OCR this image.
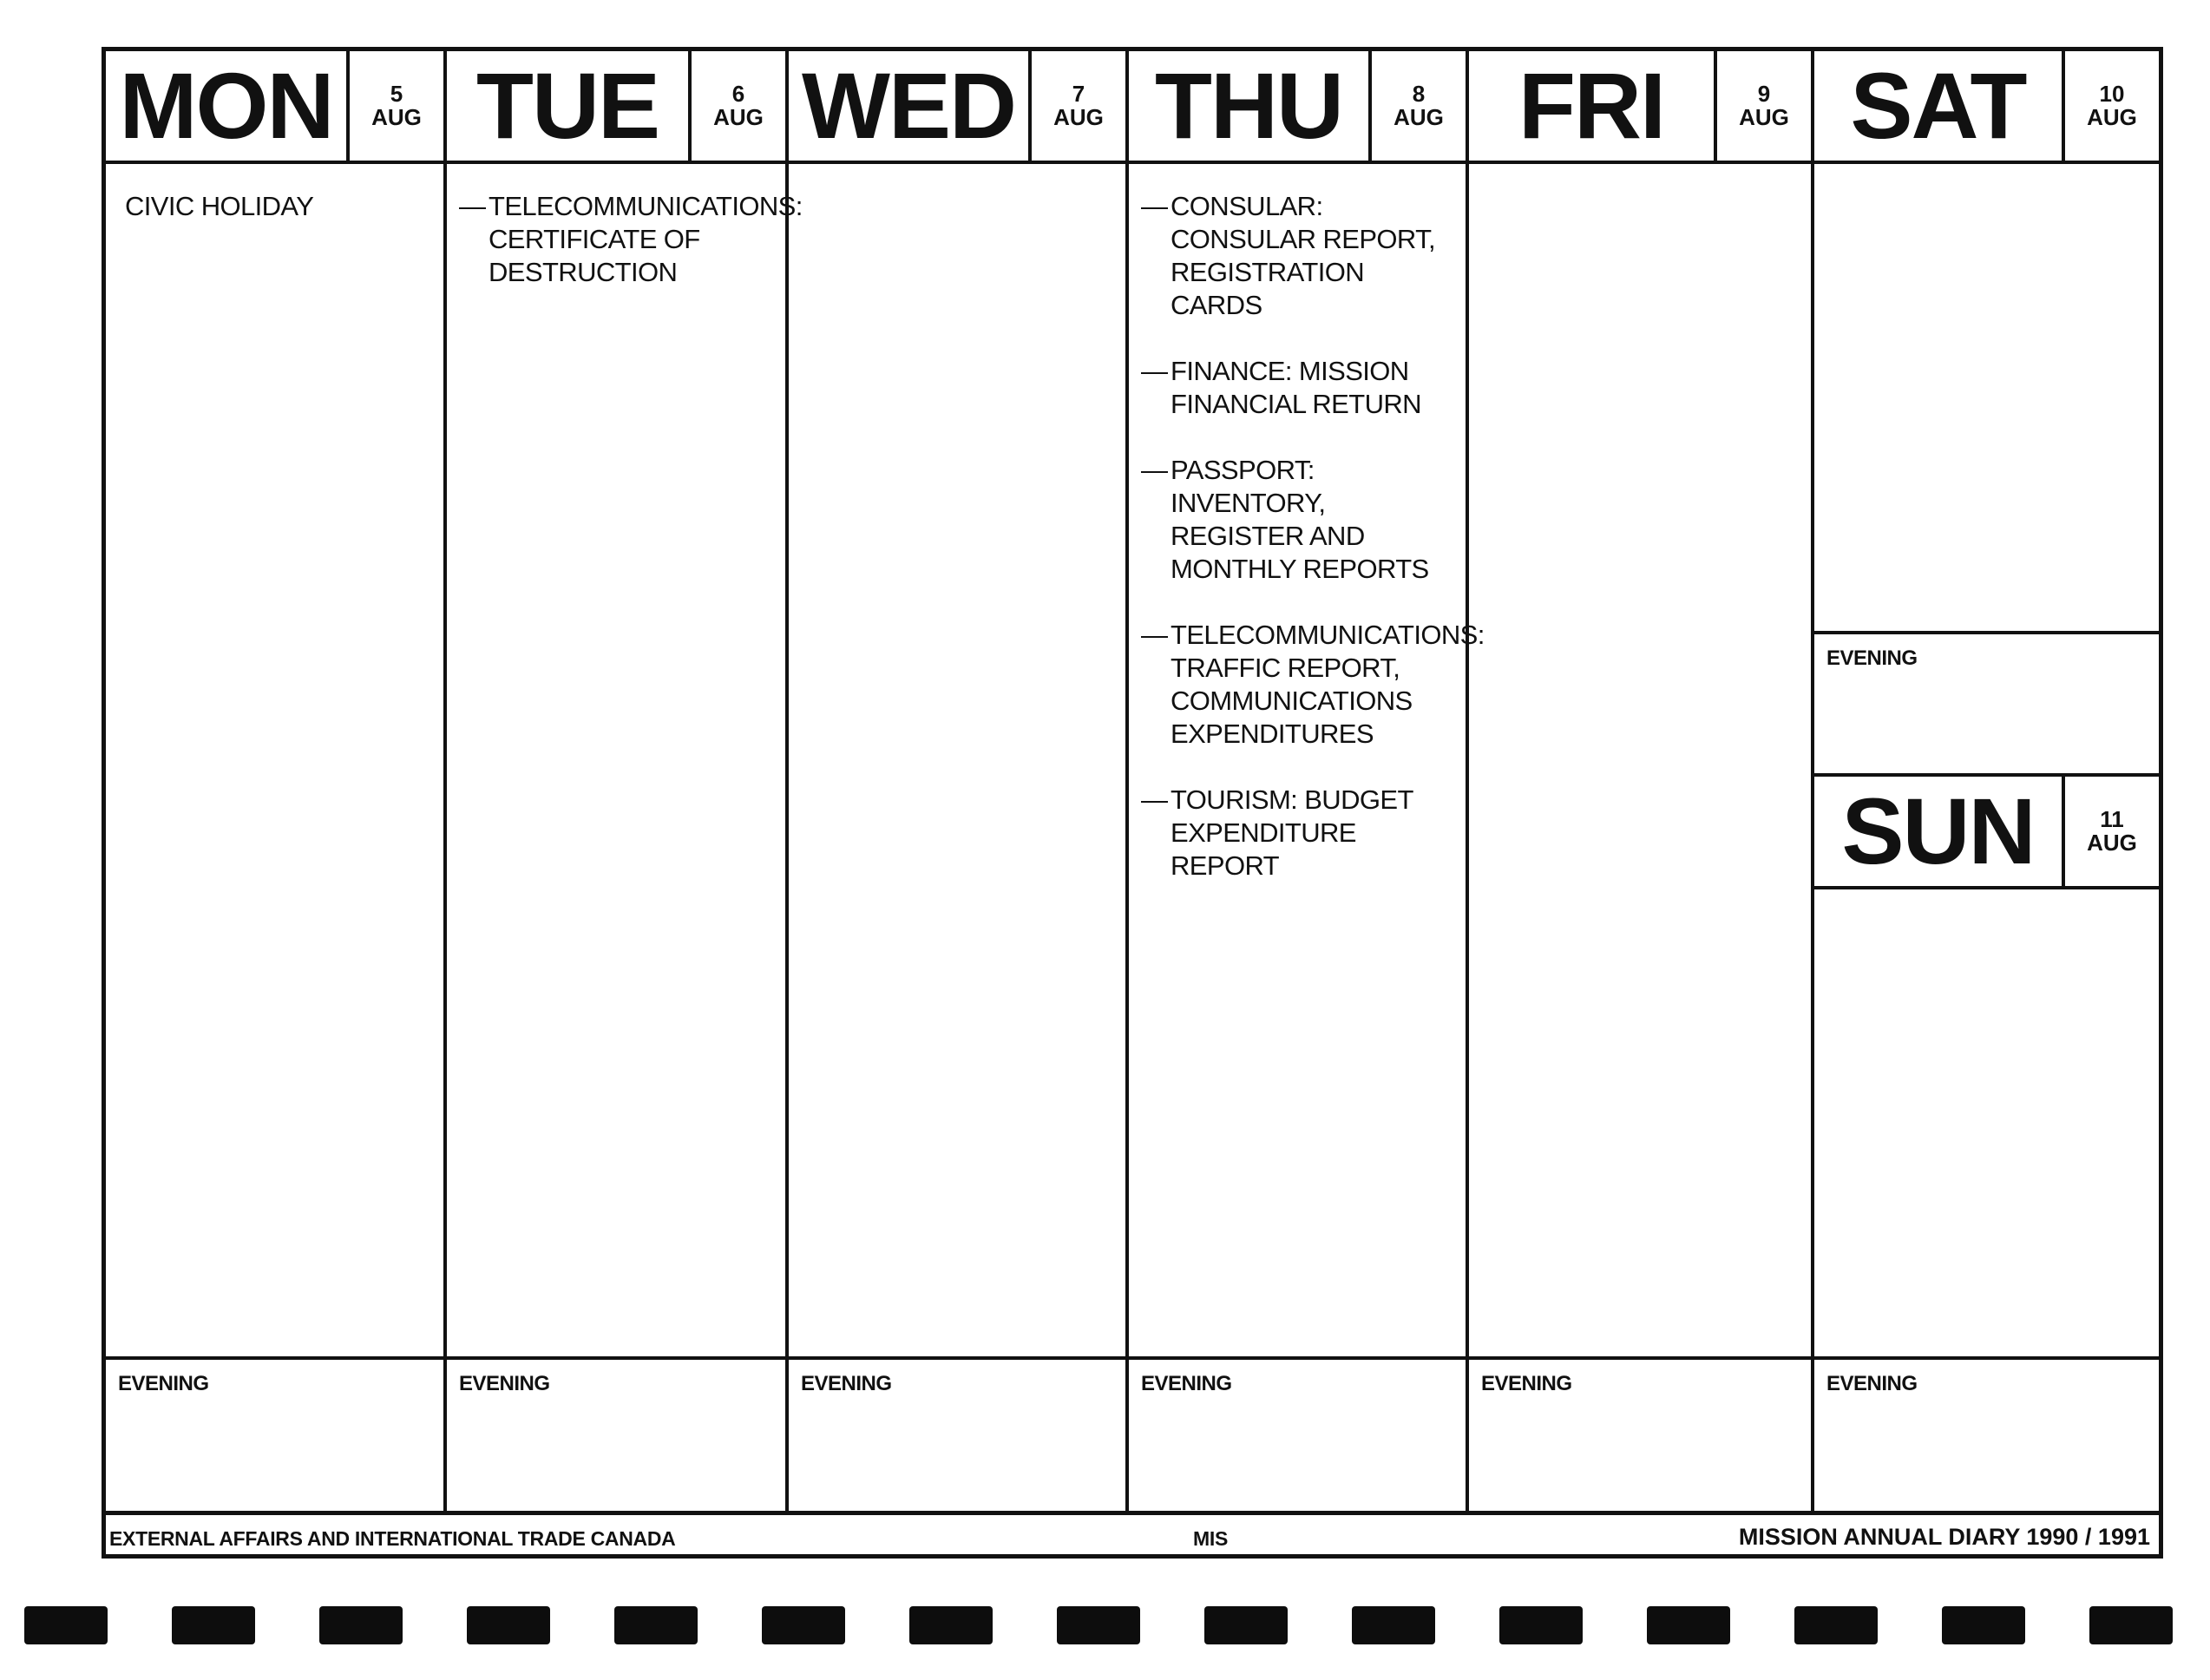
MON	5
AUG
CIVIC HOLIDAY
EVENING
TUE	6
AUG
— TELECOMMUNICATIONS:
CERTIFICATE OF
DESTRUCTION
EVENING
WED	7
AUG
EVENING
THU	8
AUG
— CONSULAR:
CONSULAR REPORT,
REGISTRATION CARDS
— FINANCE: MISSION
FINANCIAL RETURN
— PASSPORT: INVENTORY,
REGISTER AND
MONTHLY REPORTS
— TELECOMMUNICATIONS:
TRAFFIC REPORT,
COMMUNICATIONS
EXPENDITURES
— TOURISM: BUDGET
EXPENDITURE REPORT
EVENING
FRI	9
AUG
EVENING
SAT	10
AUG
EVENING
SUN	11
AUG
EVENING
EXTERNAL AFFAIRS AND INTERNATIONAL TRADE CANADA	MIS	MISSION ANNUAL DIARY 1990 / 1991
